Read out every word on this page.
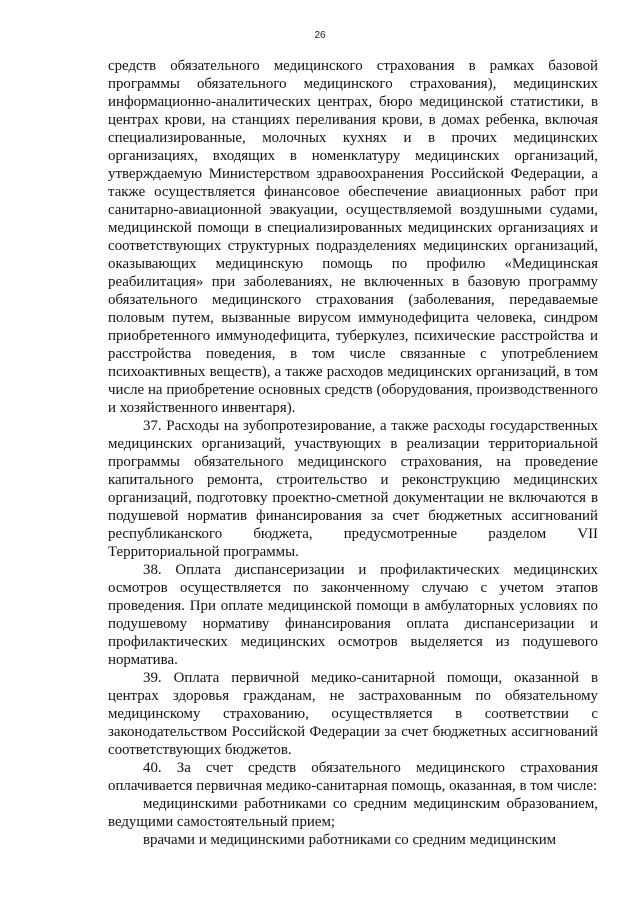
26

средств обязательного медицинского страхования в рамках базовой программы обязательного медицинского страхования), медицинских информационно-аналитических центрах, бюро медицинской статистики, в центрах крови, на станциях переливания крови, в домах ребенка, включая специализированные, молочных кухнях и в прочих медицинских организациях, входящих в номенклатуру медицинских организаций, утверждаемую Министерством здравоохранения Российской Федерации, а также осуществляется финансовое обеспечение авиационных работ при санитарно-авиационной эвакуации, осуществляемой воздушными судами, медицинской помощи в специализированных медицинских организациях и соответствующих структурных подразделениях медицинских организаций, оказывающих медицинскую помощь по профилю «Медицинская реабилитация» при заболеваниях, не включенных в базовую программу обязательного медицинского страхования (заболевания, передаваемые половым путем, вызванные вирусом иммунодефицита человека, синдром приобретенного иммунодефицита, туберкулез, психические расстройства и расстройства поведения, в том числе связанные с употреблением психоактивных веществ), а также расходов медицинских организаций, в том числе на приобретение основных средств (оборудования, производственного и хозяйственного инвентаря).

37. Расходы на зубопротезирование, а также расходы государственных медицинских организаций, участвующих в реализации территориальной программы обязательного медицинского страхования, на проведение капитального ремонта, строительство и реконструкцию медицинских организаций, подготовку проектно-сметной документации не включаются в подушевой норматив финансирования за счет бюджетных ассигнований республиканского бюджета, предусмотренные разделом VII Территориальной программы.

38. Оплата диспансеризации и профилактических медицинских осмотров осуществляется по законченному случаю с учетом этапов проведения. При оплате медицинской помощи в амбулаторных условиях по подушевому нормативу финансирования оплата диспансеризации и профилактических медицинских осмотров выделяется из подушевого норматива.

39. Оплата первичной медико-санитарной помощи, оказанной в центрах здоровья гражданам, не застрахованным по обязательному медицинскому страхованию, осуществляется в соответствии с законодательством Российской Федерации за счет бюджетных ассигнований соответствующих бюджетов.

40. За счет средств обязательного медицинского страхования оплачивается первичная медико-санитарная помощь, оказанная, в том числе:

медицинскими работниками со средним медицинским образованием, ведущими самостоятельный прием;

врачами и медицинскими работниками со средним медицинским
